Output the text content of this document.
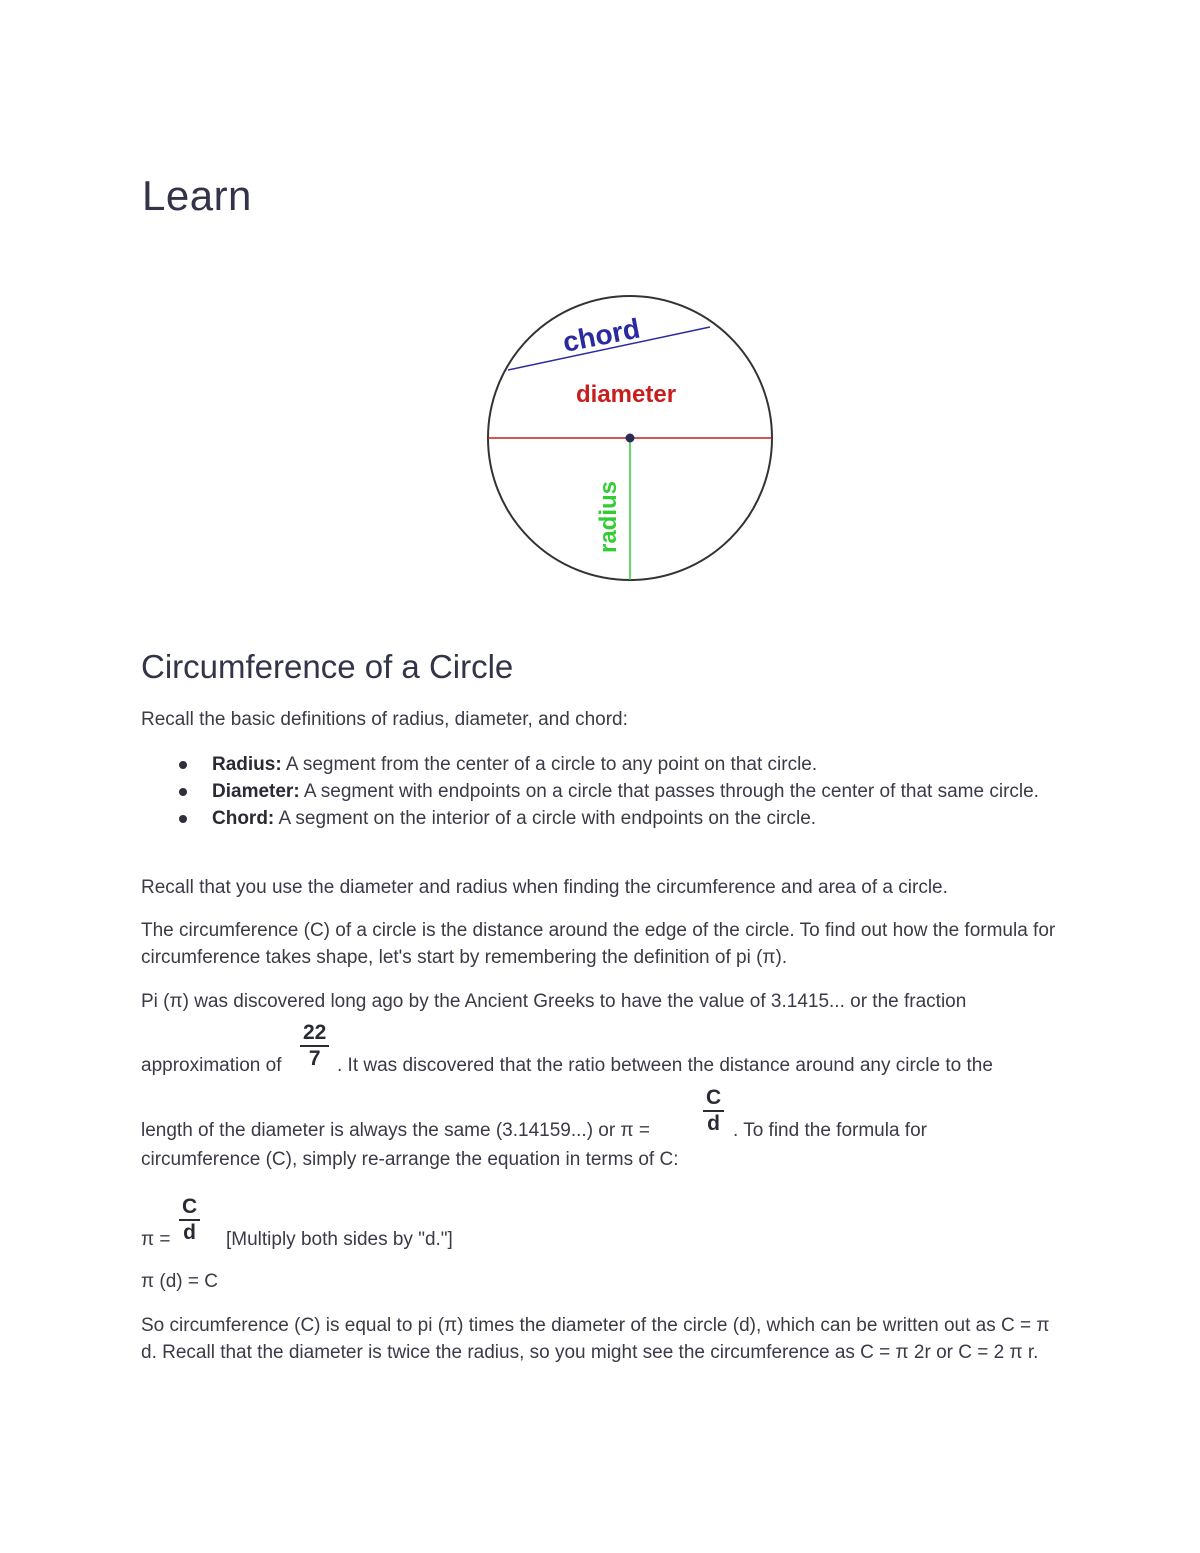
Learn
chord
diameter
radius
Circumference of a Circle

Recall the basic definitions of radius, diameter, and chord:

Radius: A segment from the center of a circle to any point on that circle.
Diameter: A segment with endpoints on a circle that passes through the center of that same circle.
Chord: A segment on the interior of a circle with endpoints on the circle.

Recall that you use the diameter and radius when finding the circumference and area of a circle.

The circumference (C) of a circle is the distance around the edge of the circle. To find out how the formula for circumference takes shape, let's start by remembering the definition of pi (π).

Pi (π) was discovered long ago by the Ancient Greeks to have the value of 3.1415... or the fraction

approximation of $\frac{22}{7}$ . It was discovered that the ratio between the distance around any circle to the

length of the diameter is always the same (3.14159...) or π =	$\frac{C}{d}$ . To find the formula for

circumference (C), simply re-arrange the equation in terms of C:

$\pi = \frac{C}{d}$ [Multiply both sides by "d."]

π (d) = C

So circumference (C) is equal to pi (π) times the diameter of the circle (d), which can be written out as C = π d. Recall that the diameter is twice the radius, so you might see the circumference as C = π 2r or C = 2 π r.
